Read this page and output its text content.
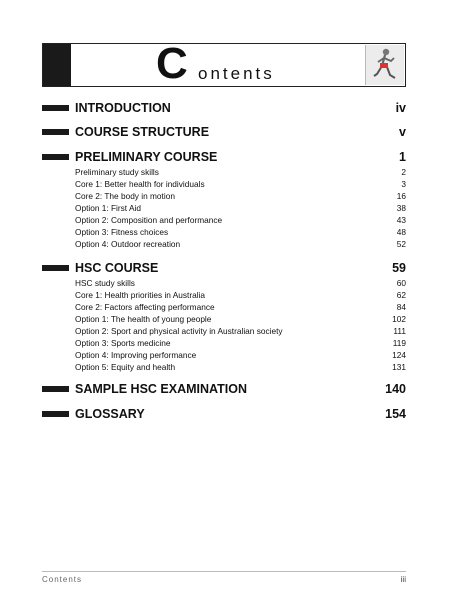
C ontents
INTRODUCTION	iv
COURSE STRUCTURE	v
PRELIMINARY COURSE	1
Preliminary study skills	2
Core 1: Better health for individuals	3
Core 2: The body in motion	16
Option 1: First Aid	38
Option 2: Composition and performance	43
Option 3: Fitness choices	48
Option 4: Outdoor recreation	52
HSC COURSE	59
HSC study skills	60
Core 1: Health priorities in Australia	62
Core 2: Factors affecting performance	84
Option 1: The health of young people	102
Option 2: Sport and physical activity in Australian society	111
Option 3: Sports medicine	119
Option 4: Improving performance	124
Option 5: Equity and health	131
SAMPLE HSC EXAMINATION	140
GLOSSARY	154
Contents	iii
